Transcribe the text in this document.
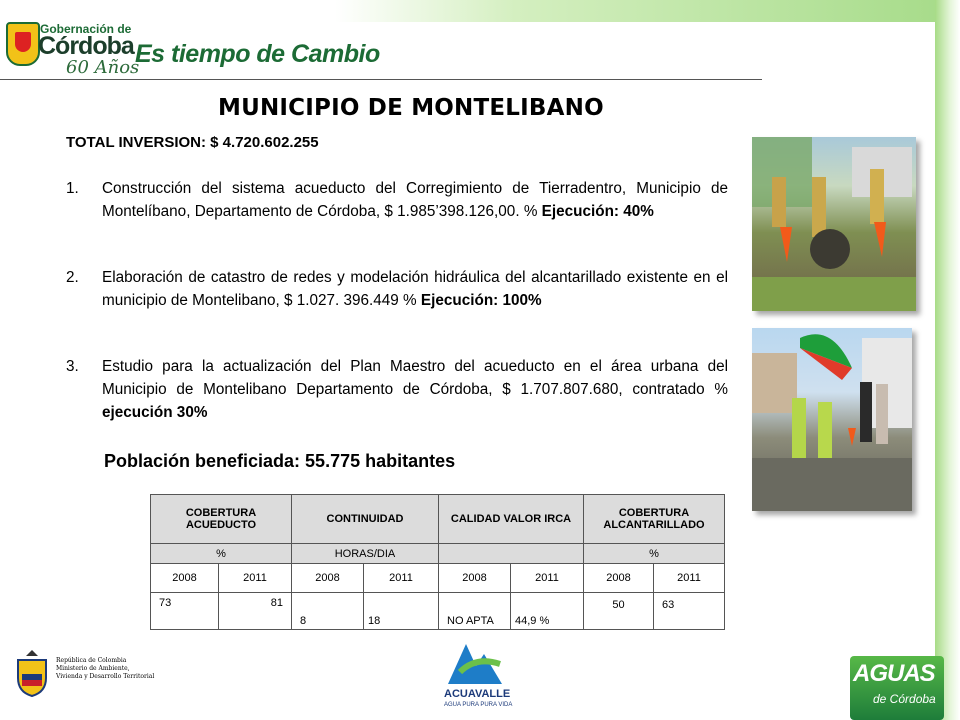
Gobernación de
Córdoba
60 Años
Es tiempo de Cambio
MUNICIPIO DE MONTELIBANO
TOTAL INVERSION: $ 4.720.602.255
1. Construcción del sistema acueducto del Corregimiento de Tierradentro, Municipio de Montelíbano, Departamento de Córdoba, $ 1.985’398.126,00. % Ejecución: 40%
2. Elaboración de catastro de redes y modelación hidráulica del alcantarillado existente en el municipio de Montelibano, $ 1.027. 396.449 % Ejecución: 100%
3. Estudio para la actualización del Plan Maestro del acueducto en el área urbana del Municipio de Montelibano Departamento de Córdoba, $ 1.707.807.680, contratado % ejecución 30%
Población beneficiada: 55.775 habitantes
COBERTURA ACUEDUCTO		CONTINUIDAD		CALIDAD VALOR IRCA		COBERTURA ALCANTARILLADO	
%		HORAS/DIA				%	
2008	2011	2008	2011	2008	2011	2008	2011
73	81	8	18	NO APTA	44,9 %	50	63
República de Colombia
Ministerio de Ambiente,
Vivienda y Desarrollo Territorial
ACUAVALLE
AGUA PURA PURA VIDA
AGUAS
de Córdoba
